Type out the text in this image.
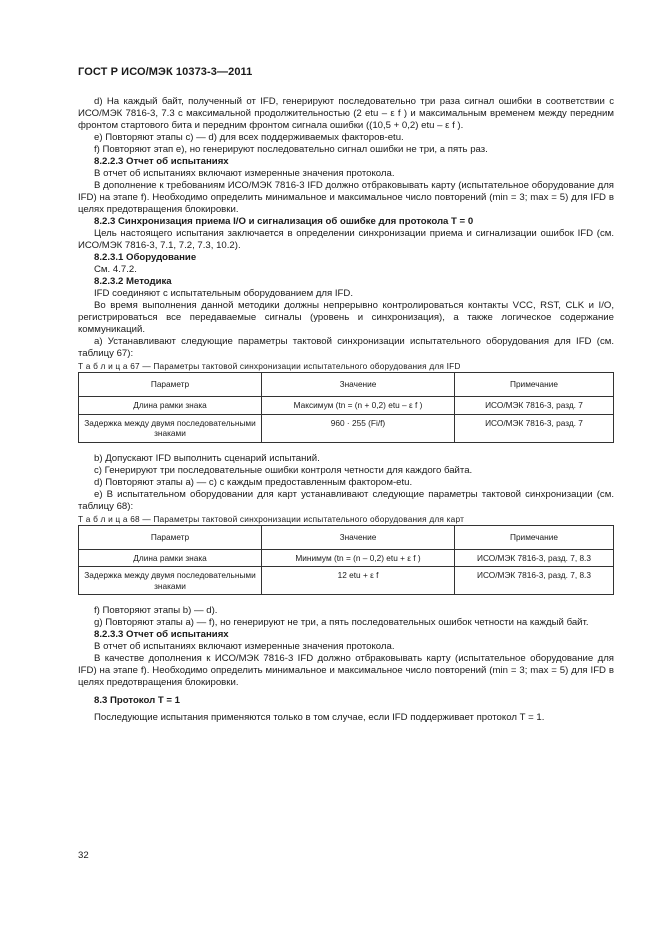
ГОСТ Р ИСО/МЭК 10373-3—2011

d) На каждый байт, полученный от IFD, генерируют последовательно три раза сигнал ошибки в соответствии с ИСО/МЭК 7816-3, 7.3 с максимальной продолжительностью (2 etu – ε f ) и максимальным временем между передним фронтом стартового бита и передним фронтом сигнала ошибки ((10,5 + 0,2) etu – ε f ).

e) Повторяют этапы c) — d) для всех поддерживаемых факторов-etu.

f) Повторяют этап e), но генерируют последовательно сигнал ошибки не три, а пять раз.

8.2.2.3 Отчет об испытаниях

В отчет об испытаниях включают измеренные значения протокола.

В дополнение к требованиям ИСО/МЭК 7816-3 IFD должно отбраковывать карту (испытательное оборудование для IFD) на этапе f). Необходимо определить минимальное и максимальное число повторений (min = 3; max = 5) для IFD в целях предотвращения блокировки.

8.2.3 Синхронизация приема I/O и сигнализация об ошибке для протокола Т = 0

Цель настоящего испытания заключается в определении синхронизации приема и сигнализации ошибок IFD (см. ИСО/МЭК 7816-3, 7.1, 7.2, 7.3, 10.2).

8.2.3.1 Оборудование

См. 4.7.2.

8.2.3.2 Методика

IFD соединяют с испытательным оборудованием для IFD.

Во время выполнения данной методики должны непрерывно контролироваться контакты VCC, RST, CLK и I/O, регистрироваться все передаваемые сигналы (уровень и синхронизация), а также логическое содержание коммуникаций.

a) Устанавливают следующие параметры тактовой синхронизации испытательного оборудования для IFD (см. таблицу 67):

Т а б л и ц а 67 — Параметры тактовой синхронизации испытательного оборудования для IFD

Параметр	Значение	Примечание
Длина рамки знака	Максимум (tn = (n + 0,2) etu – ε f )	ИСО/МЭК 7816-3, разд. 7
Задержка между двумя последовательными знаками	960 · 255 (Fi/f)	ИСО/МЭК 7816-3, разд. 7

b) Допускают IFD выполнить сценарий испытаний.

c) Генерируют три последовательные ошибки контроля четности для каждого байта.

d) Повторяют этапы a) — c) с каждым предоставленным фактором-etu.

e) В испытательном оборудовании для карт устанавливают следующие параметры тактовой синхронизации (см. таблицу 68):

Т а б л и ц а 68 — Параметры тактовой синхронизации испытательного оборудования для карт

Параметр	Значение	Примечание
Длина рамки знака	Минимум (tn = (n – 0,2) etu + ε f )	ИСО/МЭК 7816-3, разд. 7, 8.3
Задержка между двумя последовательными знаками	12 etu + ε f	ИСО/МЭК 7816-3, разд. 7, 8.3

f) Повторяют этапы b) — d).

g) Повторяют этапы a) — f), но генерируют не три, а пять последовательных ошибок четности на каждый байт.

8.2.3.3 Отчет об испытаниях

В отчет об испытаниях включают измеренные значения протокола.

В качестве дополнения к ИСО/МЭК 7816-3 IFD должно отбраковывать карту (испытательное оборудование для IFD) на этапе f). Необходимо определить минимальное и максимальное число повторений (min = 3; max = 5) для IFD в целях предотвращения блокировки.

8.3 Протокол Т = 1

Последующие испытания применяются только в том случае, если IFD поддерживает протокол Т = 1.

32
